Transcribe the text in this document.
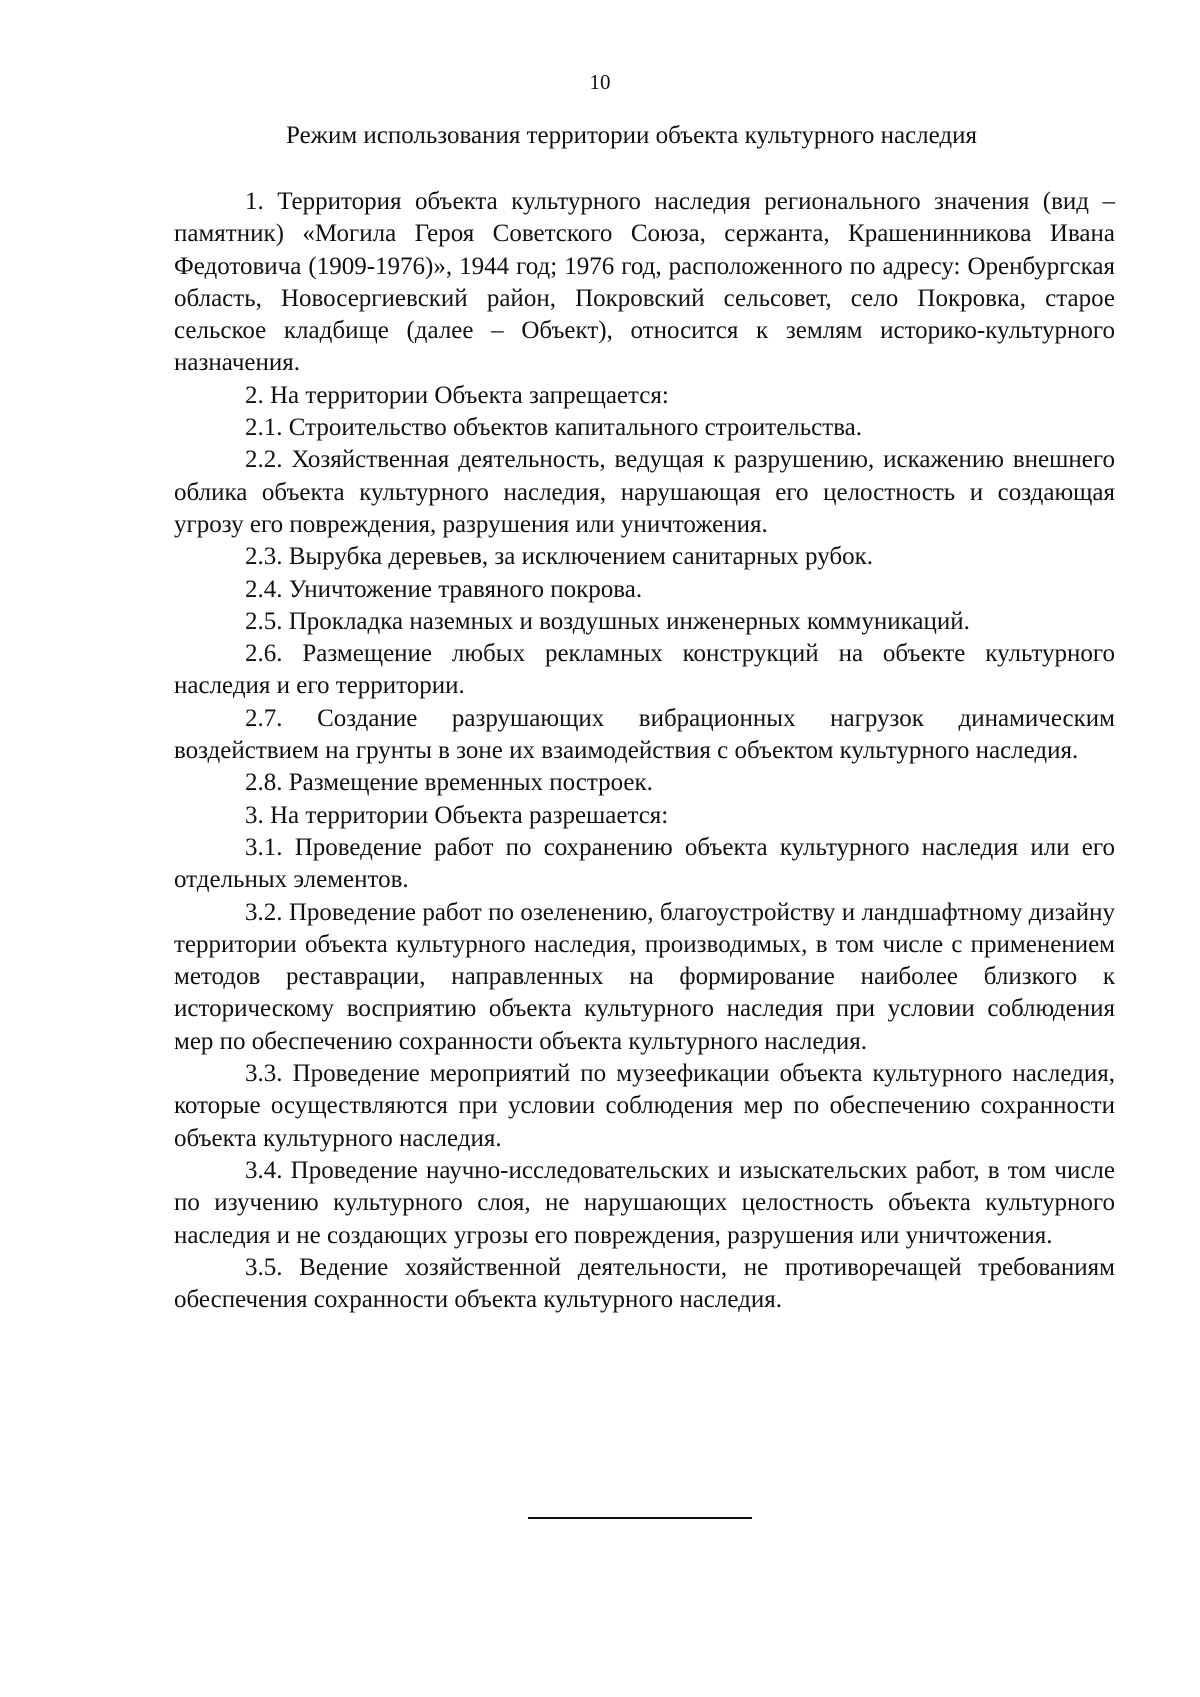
10
Режим использования территории объекта культурного наследия

1. Территория объекта культурного наследия регионального значения (вид – памятник) «Могила Героя Советского Союза, сержанта, Крашенинникова Ивана Федотовича (1909-1976)», 1944 год; 1976 год, расположенного по адресу: Оренбургская область, Новосергиевский район, Покровский сельсовет, село Покровка, старое сельское кладбище (далее – Объект), относится к землям историко-культурного назначения.

2. На территории Объекта запрещается:

2.1. Строительство объектов капитального строительства.

2.2. Хозяйственная деятельность, ведущая к разрушению, искажению внешнего облика объекта культурного наследия, нарушающая его целостность и создающая угрозу его повреждения, разрушения или уничтожения.

2.3. Вырубка деревьев, за исключением санитарных рубок.

2.4. Уничтожение травяного покрова.

2.5. Прокладка наземных и воздушных инженерных коммуникаций.

2.6. Размещение любых рекламных конструкций на объекте культурного наследия и его территории.

2.7. Создание разрушающих вибрационных нагрузок динамическим воздействием на грунты в зоне их взаимодействия с объектом культурного наследия.

2.8. Размещение временных построек.

3. На территории Объекта разрешается:

3.1. Проведение работ по сохранению объекта культурного наследия или его отдельных элементов.

3.2. Проведение работ по озеленению, благоустройству и ландшафтному дизайну территории объекта культурного наследия, производимых, в том числе с применением методов реставрации, направленных на формирование наиболее близкого к историческому восприятию объекта культурного наследия при условии соблюдения мер по обеспечению сохранности объекта культурного наследия.

3.3. Проведение мероприятий по музеефикации объекта культурного наследия, которые осуществляются при условии соблюдения мер по обеспечению сохранности объекта культурного наследия.

3.4. Проведение научно-исследовательских и изыскательских работ, в том числе по изучению культурного слоя, не нарушающих целостность объекта культурного наследия и не создающих угрозы его повреждения, разрушения или уничтожения.

3.5. Ведение хозяйственной деятельности, не противоречащей требованиям обеспечения сохранности объекта культурного наследия.
